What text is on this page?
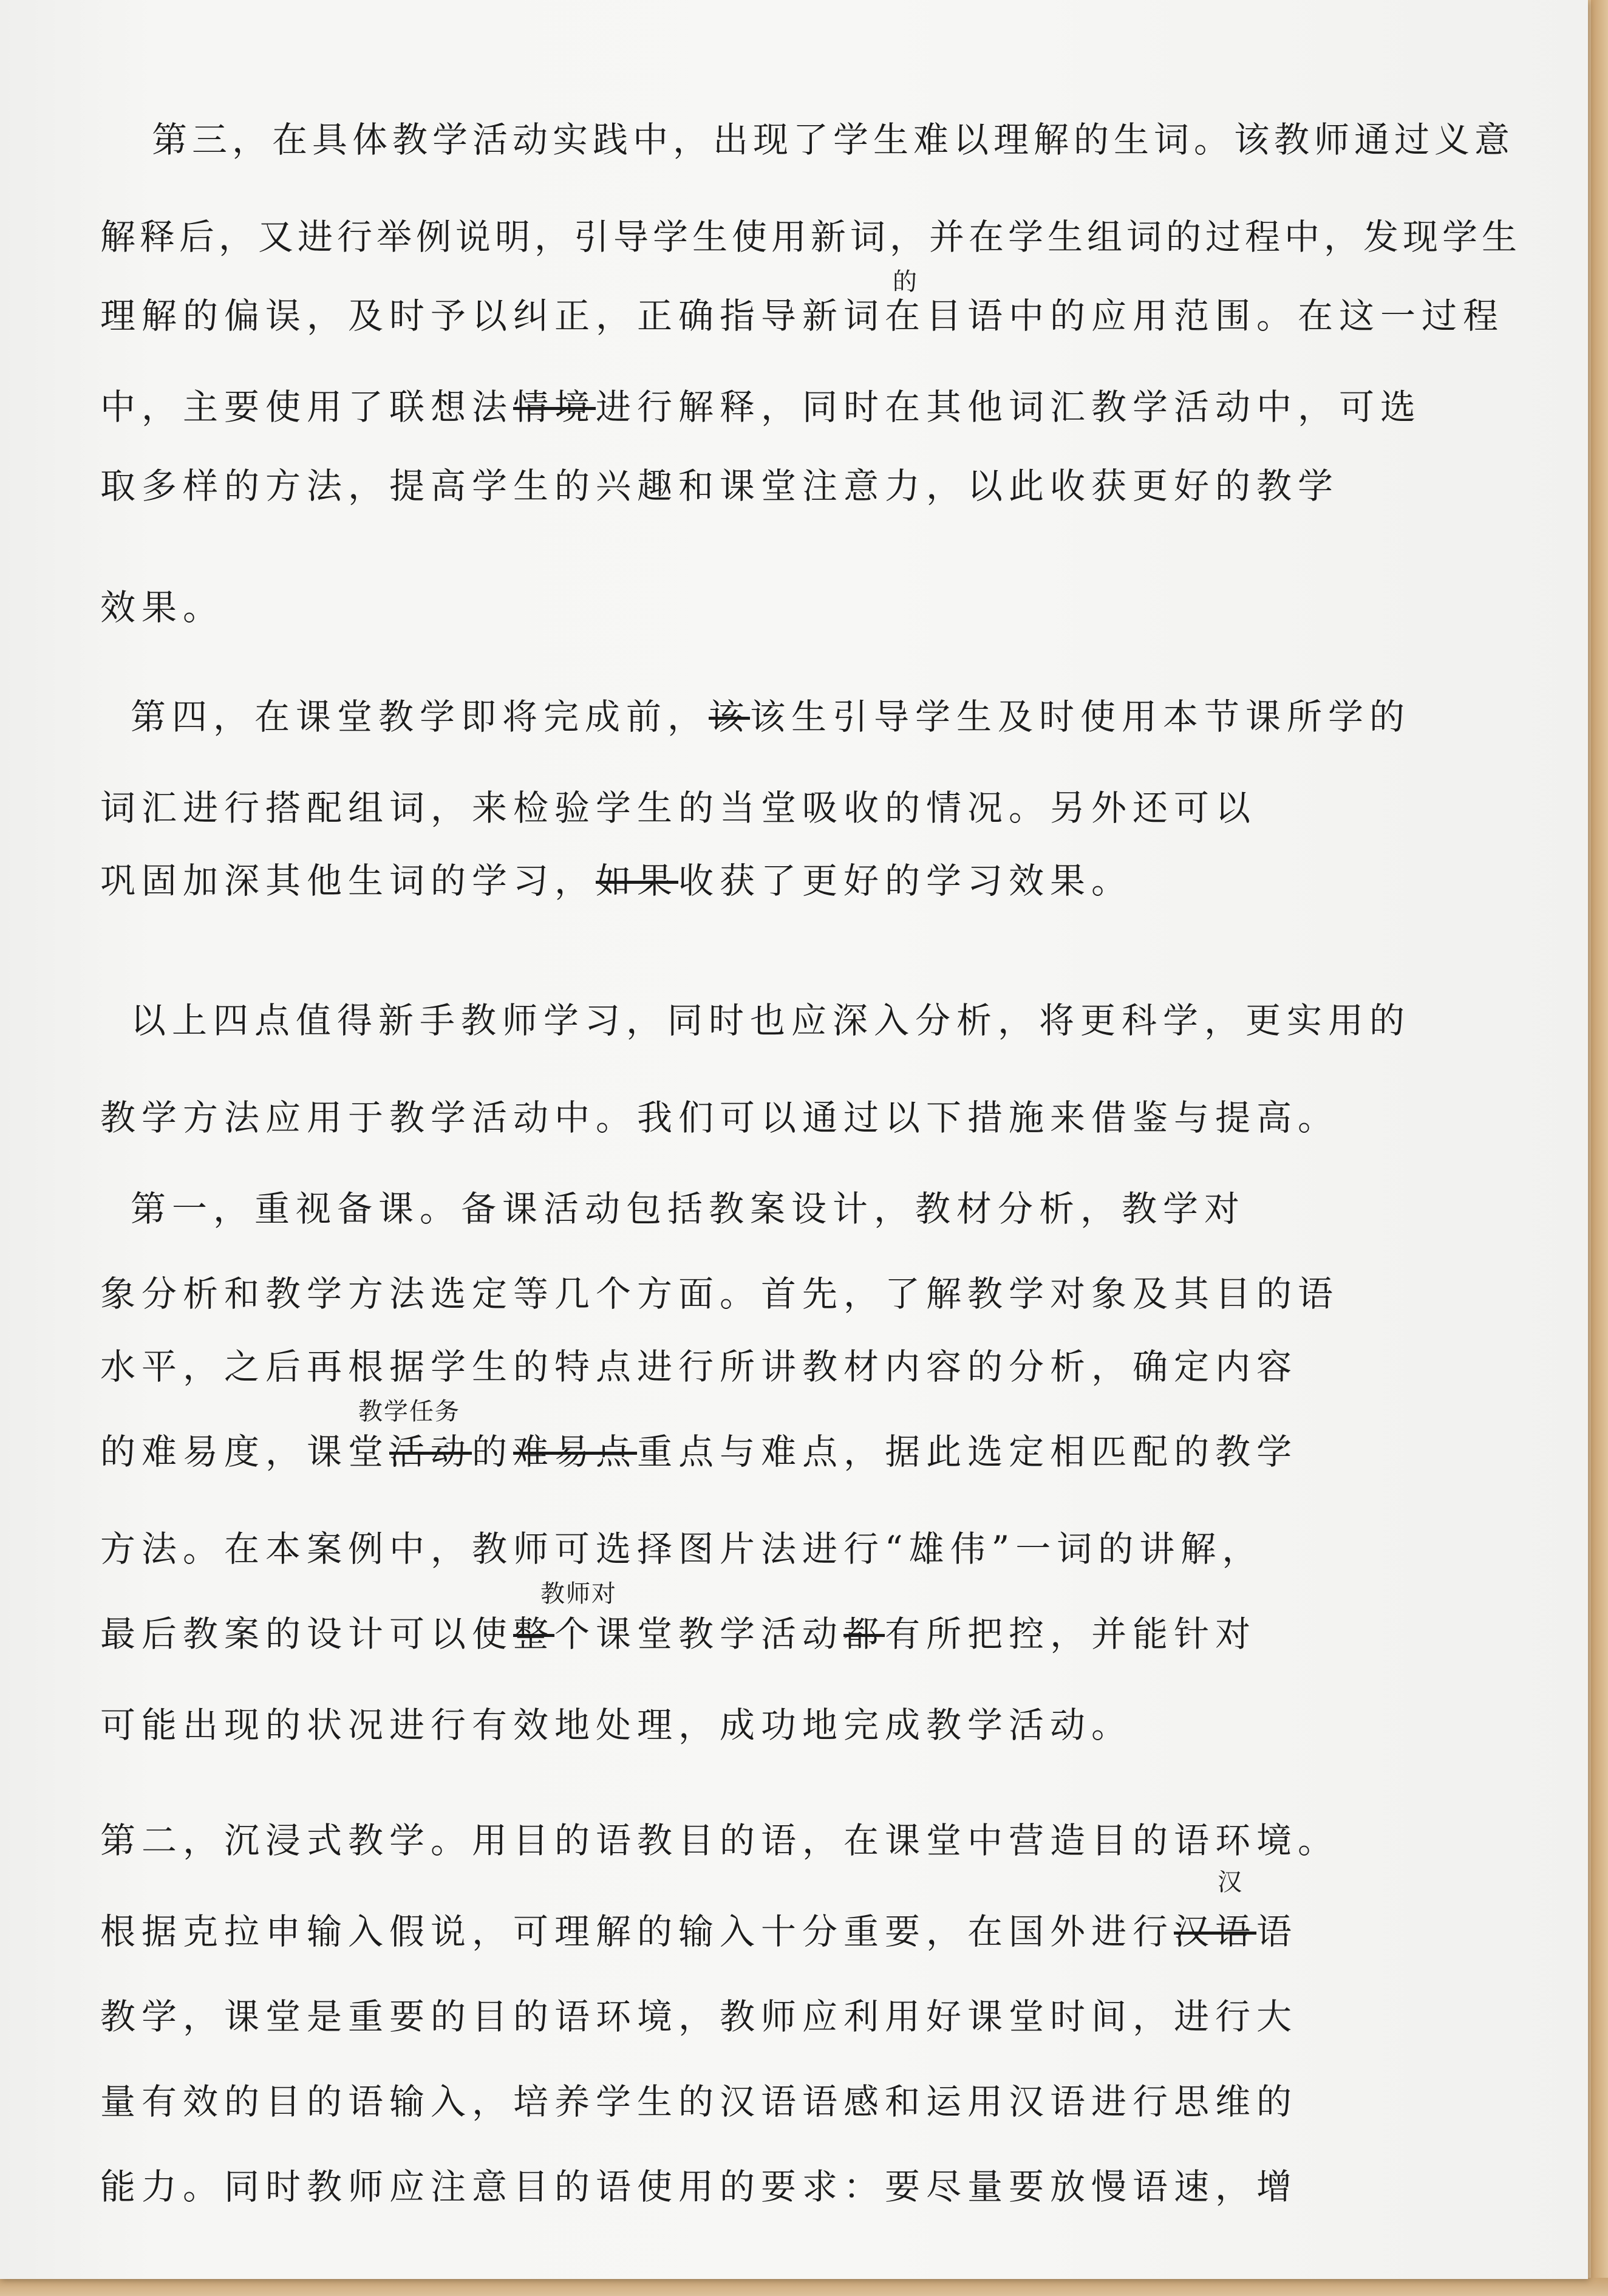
第三，在具体教学活动实践中，出现了学生难以理解的生词。该教师通过义意

解释后，又进行举例说明，引导学生使用新词，并在学生组词的过程中，发现学生

的

理解的偏误，及时予以纠正，正确指导新词在目语中的应用范围。在这一过程

中，主要使用了联想法情境进行解释，同时在其他词汇教学活动中，可选

取多样的方法，提高学生的兴趣和课堂注意力，以此收获更好的教学

效果。

第四，在课堂教学即将完成前，该该生引导学生及时使用本节课所学的

词汇进行搭配组词，来检验学生的当堂吸收的情况。另外还可以

巩固加深其他生词的学习，如果收获了更好的学习效果。

以上四点值得新手教师学习，同时也应深入分析，将更科学，更实用的

教学方法应用于教学活动中。我们可以通过以下措施来借鉴与提高。

第一，重视备课。备课活动包括教案设计，教材分析，教学对

象分析和教学方法选定等几个方面。首先，了解教学对象及其目的语

水平，之后再根据学生的特点进行所讲教材内容的分析，确定内容

教学任务

的难易度，课堂活动的难易点重点与难点，据此选定相匹配的教学

方法。在本案例中，教师可选择图片法进行“雄伟”一词的讲解，

教师对

最后教案的设计可以使整个课堂教学活动都有所把控，并能针对

可能出现的状况进行有效地处理，成功地完成教学活动。

第二，沉浸式教学。用目的语教目的语，在课堂中营造目的语环境。

汉

根据克拉申输入假说，可理解的输入十分重要，在国外进行汉语语

教学，课堂是重要的目的语环境，教师应利用好课堂时间，进行大

量有效的目的语输入，培养学生的汉语语感和运用汉语进行思维的

能力。同时教师应注意目的语使用的要求：要尽量要放慢语速，增
